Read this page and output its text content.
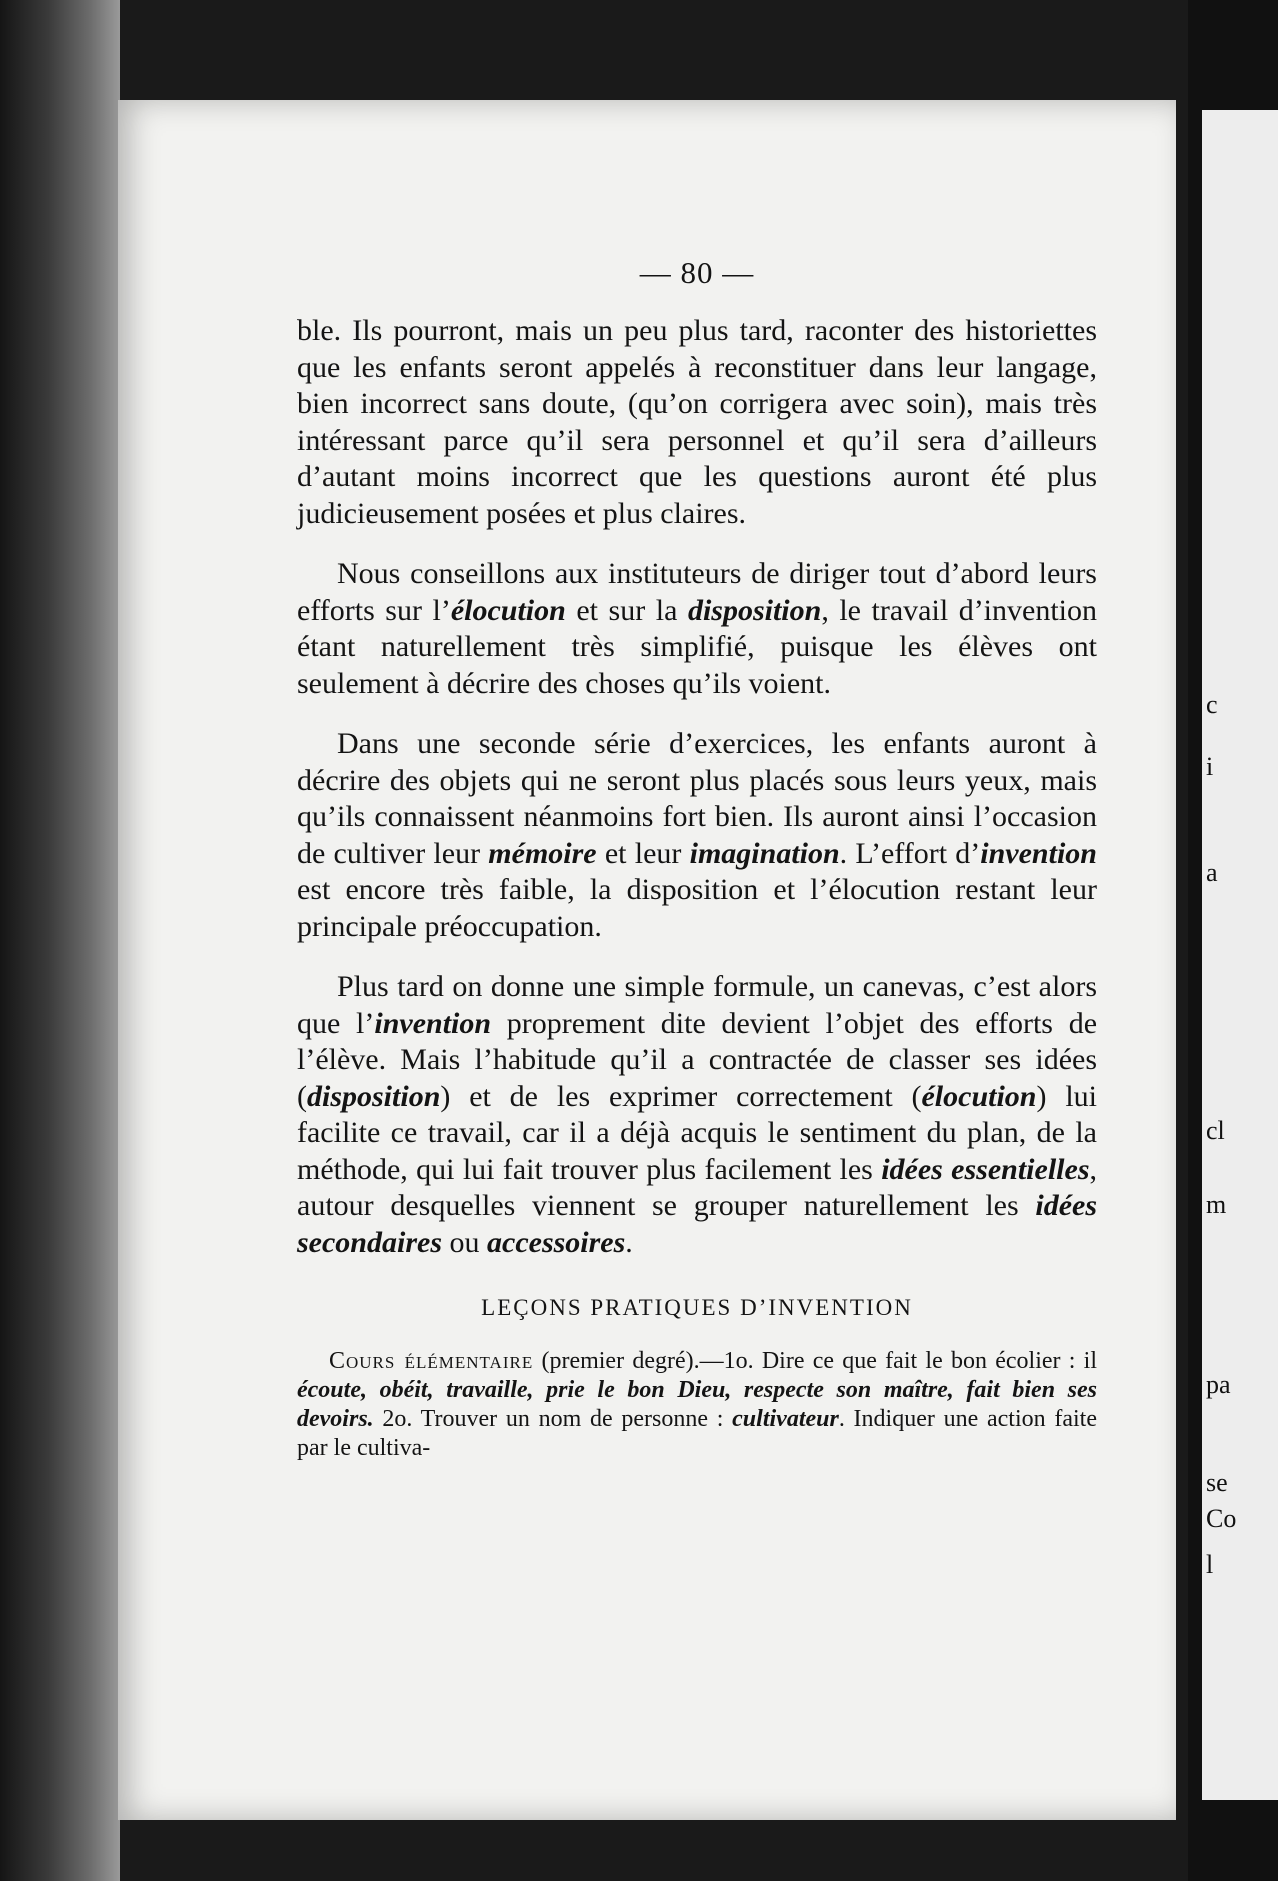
— 80 —
ble. Ils pourront, mais un peu plus tard, raconter des historiettes que les enfants seront appelés à reconstituer dans leur langage, bien incorrect sans doute, (qu’on corrigera avec soin), mais très intéressant parce qu’il sera personnel et qu’il sera d’ailleurs d’autant moins incorrect que les questions auront été plus judicieusement posées et plus claires.
Nous conseillons aux instituteurs de diriger tout d’abord leurs efforts sur l’élocution et sur la disposition, le travail d’invention étant naturellement très simplifié, puisque les élèves ont seulement à décrire des choses qu’ils voient.
Dans une seconde série d’exercices, les enfants auront à décrire des objets qui ne seront plus placés sous leurs yeux, mais qu’ils connaissent néanmoins fort bien. Ils auront ainsi l’occasion de cultiver leur mémoire et leur imagination. L’effort d’invention est encore très faible, la disposition et l’élocution restant leur principale préoccupation.
Plus tard on donne une simple formule, un canevas, c’est alors que l’invention proprement dite devient l’objet des efforts de l’élève. Mais l’habitude qu’il a contractée de classer ses idées (disposition) et de les exprimer correctement (élocution) lui facilite ce travail, car il a déjà acquis le sentiment du plan, de la méthode, qui lui fait trouver plus facilement les idées essentielles, autour desquelles viennent se grouper naturellement les idées secondaires ou accessoires.
LEÇONS PRATIQUES D’INVENTION
Cours élémentaire (premier degré).—1o. Dire ce que fait le bon écolier : il écoute, obéit, travaille, prie le bon Dieu, respecte son maître, fait bien ses devoirs. 2o. Trouver un nom de personne : cultivateur. Indiquer une action faite par le cultiva-
c
i
a
cl
m
pa
se
Co
l
